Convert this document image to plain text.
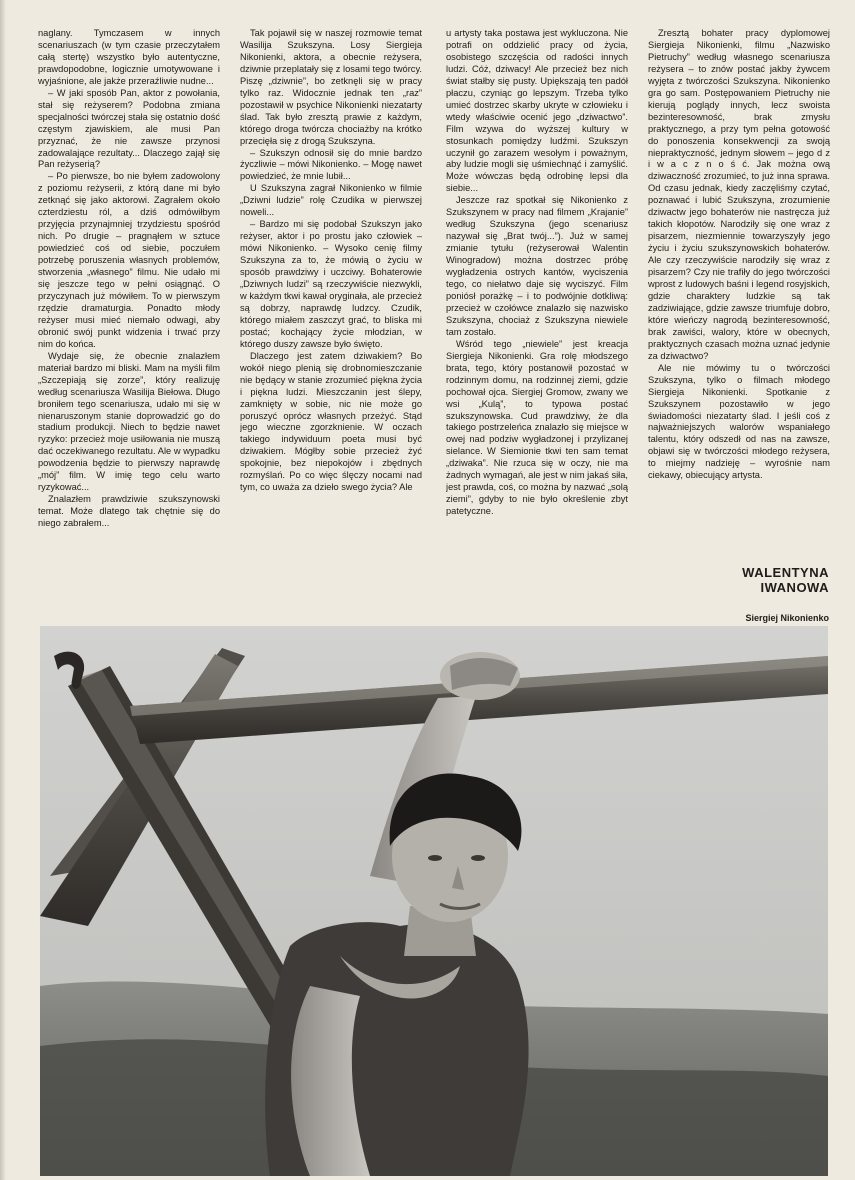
naglany. Tymczasem w innych scenariuszach (w tym czasie przeczytałem całą stertę) wszystko było autentyczne, prawdopodobne, logicznie umotywowane i wyjaśnione, ale jakże przeraźliwie nudne...

– W jaki sposób Pan, aktor z powołania, stał się reżyserem? Podobna zmiana specjalności twórczej stała się ostatnio dość częstym zjawiskiem, ale musi Pan przyznać, że nie zawsze przynosi zadowalające rezultaty... Dlaczego zajął się Pan reżyserią?

– Po pierwsze, bo nie byłem zadowolony z poziomu reżyserii, z którą dane mi było zetknąć się jako aktorowi. Zagrałem około czterdziestu ról, a dziś odmówiłbym przyjęcia przynajmniej trzydziestu spośród nich. Po drugie – pragnąłem w sztuce powiedzieć coś od siebie, poczułem potrzebę poruszenia własnych problemów, stworzenia „własnego” filmu. Nie udało mi się jeszcze tego w pełni osiągnąć. O przyczynach już mówiłem. To w pierwszym rzędzie dramaturgia. Ponadto młody reżyser musi mieć niemało odwagi, aby obronić swój punkt widzenia i trwać przy nim do końca.

Wydaje się, że obecnie znalazłem materiał bardzo mi bliski. Mam na myśli film „Szczepiają się zorze”, który realizuję według scenariusza Wasilija Biełowa. Długo broniłem tego scenariusza, udało mi się w nienaruszonym stanie doprowadzić go do stadium produkcji. Niech to będzie nawet ryzyko: przecież moje usiłowania nie muszą dać oczekiwanego rezultatu. Ale w wypadku powodzenia będzie to pierwszy naprawdę „mój” film. W imię tego celu warto ryzykować...

Znalazłem prawdziwie szukszynowski temat. Może dlatego tak chętnie się do niego zabrałem...

Tak pojawił się w naszej rozmowie temat Wasilija Szukszyna. Losy Siergieja Nikonienki, aktora, a obecnie reżysera, dziwnie przeplatały się z losami tego twórcy. Piszę „dziwnie”, bo zetknęli się w pracy tylko raz. Widocznie jednak ten „raz” pozostawił w psychice Nikonienki niezatarty ślad. Tak było zresztą prawie z każdym, którego droga twórcza chociażby na krótko przecięła się z drogą Szukszyna.

– Szukszyn odnosił się do mnie bardzo życzliwie – mówi Nikonienko. – Mogę nawet powiedzieć, że mnie lubił...

U Szukszyna zagrał Nikonienko w filmie „Dziwni ludzie” rolę Czudika w pierwszej noweli...

– Bardzo mi się podobał Szukszyn jako reżyser, aktor i po prostu jako człowiek – mówi Nikonienko. – Wysoko cenię filmy Szukszyna za to, że mówią o życiu w sposób prawdziwy i uczciwy. Bohaterowie „Dziwnych ludzi” są rzeczywiście niezwykli, w każdym tkwi kawał oryginała, ale przecież są dobrzy, naprawdę ludzcy. Czudik, którego miałem zaszczyt grać, to bliska mi postać; kochający życie młodzian, w którego duszy zawsze było święto.

Dlaczego jest zatem dziwakiem? Bo wokół niego plenią się drobnomieszczanie nie będący w stanie zrozumieć piękna życia i piękna ludzi. Mieszczanin jest ślepy, zamknięty w sobie, nic nie może go poruszyć oprócz własnych przeżyć. Stąd jego wieczne zgorzknienie. W oczach takiego indywiduum poeta musi być dziwakiem. Mógłby sobie przecież żyć spokojnie, bez niepokojów i zbędnych rozmyślań. Po co więc ślęczy nocami nad tym, co uważa za dzieło swego życia? Ale

u artysty taka postawa jest wykluczona. Nie potrafi on oddzielić pracy od życia, osobistego szczęścia od radości innych ludzi. Cóż, dziwacy! Ale przecież bez nich świat stałby się pusty. Upiększają ten padół płaczu, czyniąc go lepszym. Trzeba tylko umieć dostrzec skarby ukryte w człowieku i wtedy właściwie ocenić jego „dziwactwo”. Film wzywa do wyższej kultury w stosunkach pomiędzy ludźmi. Szukszyn uczynił go zarazem wesołym i poważnym, aby ludzie mogli się uśmiechnąć i zamyślić. Może wówczas będą odrobinę lepsi dla siebie...

Jeszcze raz spotkał się Nikonienko z Szukszynem w pracy nad filmem „Krajanie” według Szukszyna (jego scenariusz nazywał się „Brat twój...”). Już w samej zmianie tytułu (reżyserował Walentin Winogradow) można dostrzec próbę wygładzenia ostrych kantów, wyciszenia tego, co niełatwo daje się wyciszyć. Film poniósł porażkę – i to podwójnie dotkliwą: przecież w czołówce znalazło się nazwisko Szukszyna, chociaż z Szukszyna niewiele tam zostało.

Wśród tego „niewiele” jest kreacja Siergieja Nikonienki. Gra rolę młodszego brata, tego, który postanowił pozostać w rodzinnym domu, na rodzinnej ziemi, gdzie pochował ojca. Siergiej Gromow, zwany we wsi „Kulą”, to typowa postać szukszynowska. Cud prawdziwy, że dla takiego postrzeleńca znalazło się miejsce w owej nad podziw wygładzonej i przylizanej sielance. W Siemionie tkwi ten sam temat „dziwaka”. Nie rzuca się w oczy, nie ma żadnych wymagań, ale jest w nim jakaś siła, jest prawda, coś, co można by nazwać „solą ziemi”, gdyby to nie było określenie zbyt patetyczne.

Zresztą bohater pracy dyplomowej Siergieja Nikonienki, filmu „Nazwisko Pietruchy” według własnego scenariusza reżysera – to znów postać jakby żywcem wyjęta z twórczości Szukszyna. Nikonienko gra go sam. Postępowaniem Pietruchy nie kierują poglądy innych, lecz swoista bezinteresowność, brak zmysłu praktycznego, a przy tym pełna gotowość do ponoszenia konsekwencji za swoją niepraktyczność, jednym słowem – jego d z i w a c z n o ś ć. Jak można ową dziwaczność zrozumieć, to już inna sprawa. Od czasu jednak, kiedy zaczęliśmy czytać, poznawać i lubić Szukszyna, zrozumienie dziwactw jego bohaterów nie nastręcza już takich kłopotów. Narodziły się one wraz z pisarzem, niezmiennie towarzyszyły jego życiu i życiu szukszynowskich bohaterów. Ale czy rzeczywiście narodziły się wraz z pisarzem? Czy nie trafiły do jego twórczości wprost z ludowych baśni i legend rosyjskich, gdzie charaktery ludzkie są tak zadziwiające, gdzie zawsze triumfuje dobro, które wieńczy nagrodą bezinteresowność, brak zawiści, walory, które w obecnych, praktycznych czasach można uznać jedynie za dziwactwo?

Ale nie mówimy tu o twórczości Szukszyna, tylko o filmach młodego Siergieja Nikonienki. Spotkanie z Szukszynem pozostawiło w jego świadomości niezatarty ślad. I jeśli coś z najważniejszych walorów wspaniałego talentu, który odszedł od nas na zawsze, objawi się w twórczości młodego reżysera, to miejmy nadzieję – wyrośnie nam ciekawy, obiecujący artysta.

WALENTYNA
IWANOWA
Siergiej Nikonienko
